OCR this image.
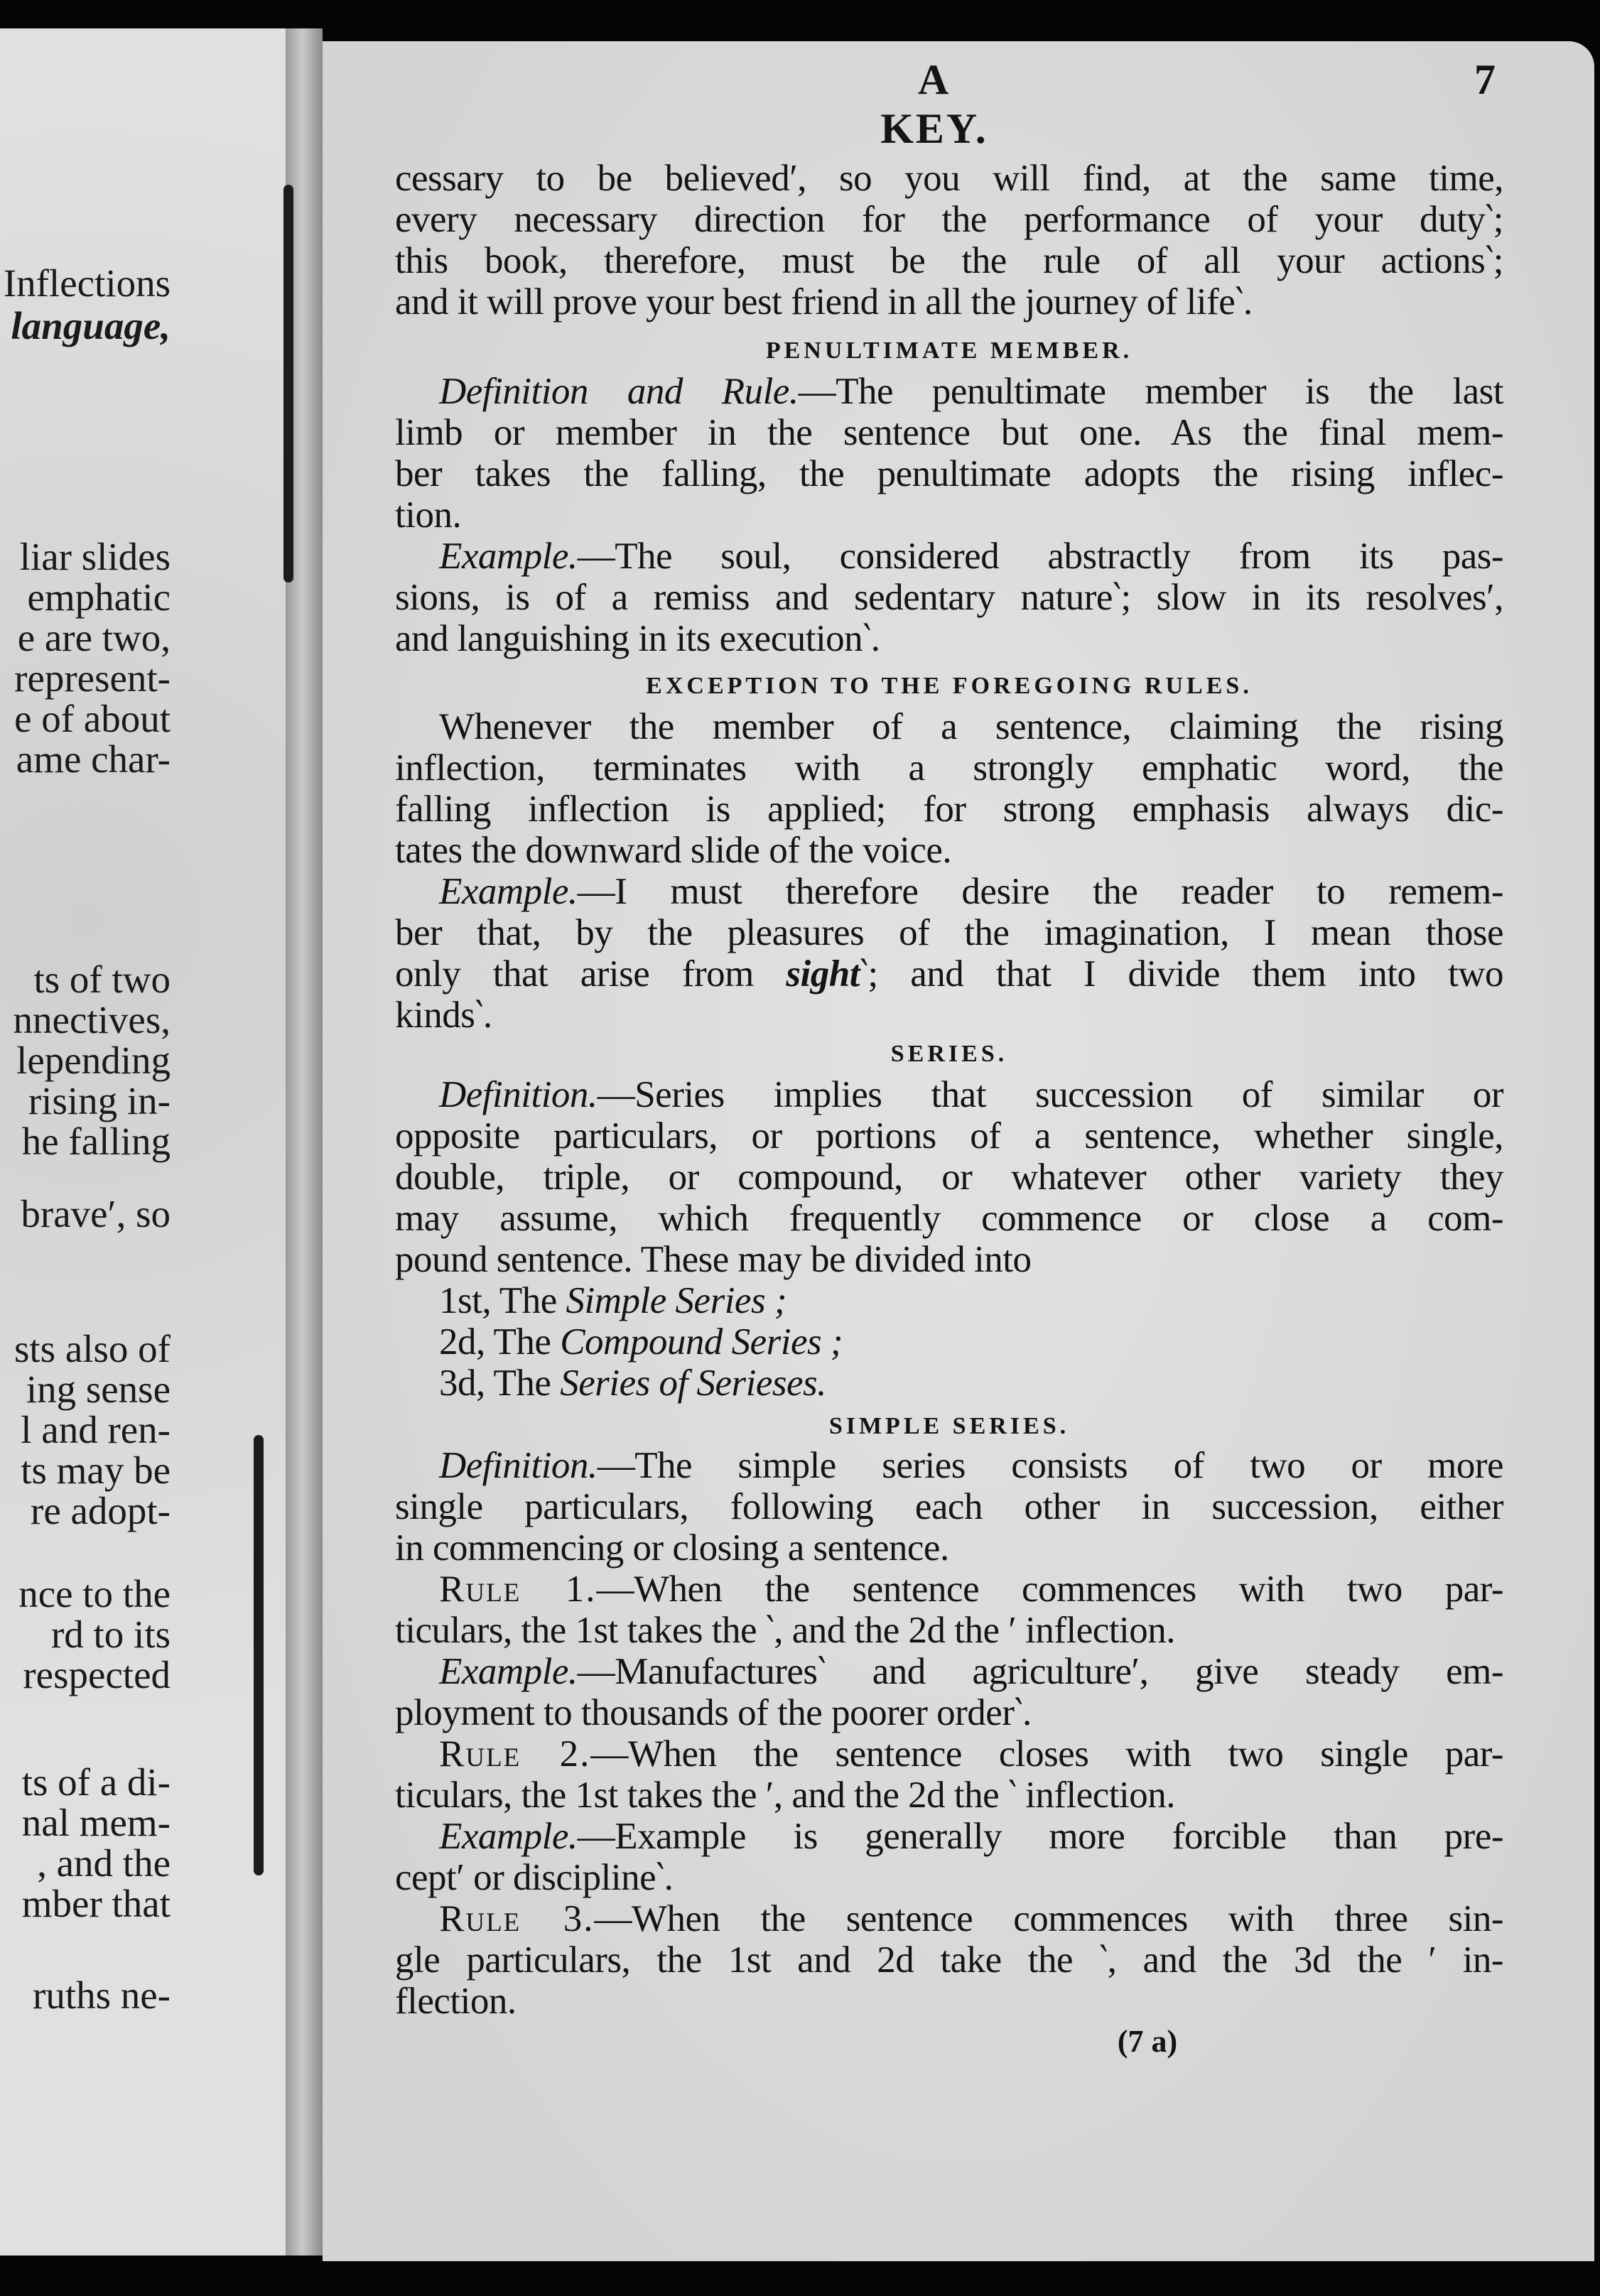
Inflections
language,
liar slides
emphatic
e are two,
represent-
e of about
ame char-
ts of two
nnectives,
lepending
rising in-
he falling
brave′, so
sts also of
ing sense
l and ren-
ts may be
re adopt-
nce to the
rd to its
respected
ts of a di-
nal mem-
, and the
mber that
ruths ne-
A KEY.
7
cessary to be believed′, so you will find, at the same time,
every necessary direction for the performance of your duty‵;
this book, therefore, must be the rule of all your actions‵;
and it will prove your best friend in all the journey of life‵.
PENULTIMATE MEMBER.
Definition and Rule.—The penultimate member is the last
limb or member in the sentence but one. As the final mem-
ber takes the falling, the penultimate adopts the rising inflec-
tion.
Example.—The soul, considered abstractly from its pas-
sions, is of a remiss and sedentary nature‵; slow in its resolves′,
and languishing in its execution‵.
EXCEPTION TO THE FOREGOING RULES.
Whenever the member of a sentence, claiming the rising
inflection, terminates with a strongly emphatic word, the
falling inflection is applied; for strong emphasis always dic-
tates the downward slide of the voice.
Example.—I must therefore desire the reader to remem-
ber that, by the pleasures of the imagination, I mean those
only that arise from sight‵; and that I divide them into two
kinds‵.
SERIES.
Definition.—Series implies that succession of similar or
opposite particulars, or portions of a sentence, whether single,
double, triple, or compound, or whatever other variety they
may assume, which frequently commence or close a com-
pound sentence. These may be divided into
1st, The Simple Series ;
2d, The Compound Series ;
3d, The Series of Serieses.
SIMPLE SERIES.
Definition.—The simple series consists of two or more
single particulars, following each other in succession, either
in commencing or closing a sentence.
Rule 1.—When the sentence commences with two par-
ticulars, the 1st takes the ‵, and the 2d the ′ inflection.
Example.—Manufactures‵ and agriculture′, give steady em-
ployment to thousands of the poorer order‵.
Rule 2.—When the sentence closes with two single par-
ticulars, the 1st takes the ′, and the 2d the ‵ inflection.
Example.—Example is generally more forcible than pre-
cept′ or discipline‵.
Rule 3.—When the sentence commences with three sin-
gle particulars, the 1st and 2d take the ‵, and the 3d the ′ in-
flection.
(7 a)
